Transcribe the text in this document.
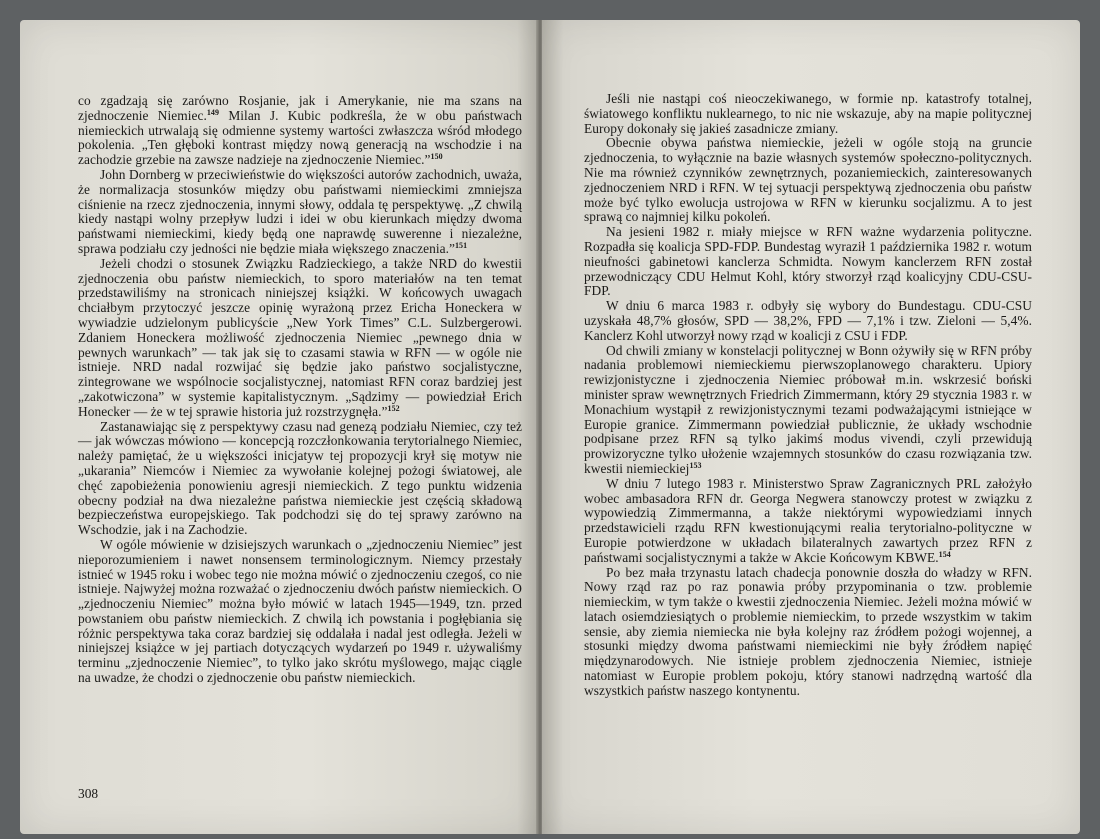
co zgadzają się zarówno Rosjanie, jak i Amerykanie, nie ma szans na zjednoczenie Niemiec.$^{149}$ Milan J. Kubic podkreśla, że w obu państwach niemieckich utrwalają się odmienne systemy wartości zwłaszcza wśród młodego pokolenia. „Ten głęboki kontrast między nową generacją na wschodzie i na zachodzie grzebie na zawsze nadzieje na zjednoczenie Niemiec.”$^{150}$

John Dornberg w przeciwieństwie do większości autorów zachodnich, uważa, że normalizacja stosunków między obu państwami niemieckimi zmniejsza ciśnienie na rzecz zjednoczenia, innymi słowy, oddala tę perspektywę. „Z chwilą kiedy nastąpi wolny przepływ ludzi i idei w obu kierunkach między dwoma państwami niemieckimi, kiedy będą one naprawdę suwerenne i niezależne, sprawa podziału czy jedności nie będzie miała większego znaczenia.”$^{151}$

Jeżeli chodzi o stosunek Związku Radzieckiego, a także NRD do kwestii zjednoczenia obu państw niemieckich, to sporo materiałów na ten temat przedstawiliśmy na stronicach niniejszej książki. W końcowych uwagach chciałbym przytoczyć jeszcze opinię wyrażoną przez Ericha Honeckera w wywiadzie udzielonym publicyście „New York Times” C.L. Sulzbergerowi. Zdaniem Honeckera możliwość zjednoczenia Niemiec „pewnego dnia w pewnych warunkach” — tak jak się to czasami stawia w RFN — w ogóle nie istnieje. NRD nadal rozwijać się będzie jako państwo socjalistyczne, zintegrowane we wspólnocie socjalistycznej, natomiast RFN coraz bardziej jest „zakotwiczona” w systemie kapitalistycznym. „Sądzimy — powiedział Erich Honecker — że w tej sprawie historia już rozstrzygnęła.”$^{152}$

Zastanawiając się z perspektywy czasu nad genezą podziału Niemiec, czy też — jak wówczas mówiono — koncepcją rozczłonkowania terytorialnego Niemiec, należy pamiętać, że u większości inicjatyw tej propozycji krył się motyw nie „ukarania” Niemców i Niemiec za wywołanie kolejnej pożogi światowej, ale chęć zapobieżenia ponowieniu agresji niemieckich. Z tego punktu widzenia obecny podział na dwa niezależne państwa niemieckie jest częścią składową bezpieczeństwa europejskiego. Tak podchodzi się do tej sprawy zarówno na Wschodzie, jak i na Zachodzie.

W ogóle mówienie w dzisiejszych warunkach o „zjednoczeniu Niemiec” jest nieporozumieniem i nawet nonsensem terminologicznym. Niemcy przestały istnieć w 1945 roku i wobec tego nie można mówić o zjednoczeniu czegoś, co nie istnieje. Najwyżej można rozważać o zjednoczeniu dwóch państw niemieckich. O „zjednoczeniu Niemiec” można było mówić w latach 1945—1949, tzn. przed powstaniem obu państw niemieckich. Z chwilą ich powstania i pogłębiania się różnic perspektywa taka coraz bardziej się oddalała i nadal jest odległa. Jeżeli w niniejszej książce w jej partiach dotyczących wydarzeń po 1949 r. używaliśmy terminu „zjednoczenie Niemiec”, to tylko jako skrótu myślowego, mając ciągle na uwadze, że chodzi o zjednoczenie obu państw niemieckich.

308

Jeśli nie nastąpi coś nieoczekiwanego, w formie np. katastrofy totalnej, światowego konfliktu nuklearnego, to nic nie wskazuje, aby na mapie politycznej Europy dokonały się jakieś zasadnicze zmiany.

Obecnie obywa państwa niemieckie, jeżeli w ogóle stoją na gruncie zjednoczenia, to wyłącznie na bazie własnych systemów społeczno-politycznych. Nie ma również czynników zewnętrznych, pozaniemieckich, zainteresowanych zjednoczeniem NRD i RFN. W tej sytuacji perspektywą zjednoczenia obu państw może być tylko ewolucja ustrojowa w RFN w kierunku socjalizmu. A to jest sprawą co najmniej kilku pokoleń.

Na jesieni 1982 r. miały miejsce w RFN ważne wydarzenia polityczne. Rozpadła się koalicja SPD-FDP. Bundestag wyraził 1 października 1982 r. wotum nieufności gabinetowi kanclerza Schmidta. Nowym kanclerzem RFN został przewodniczący CDU Helmut Kohl, który stworzył rząd koalicyjny CDU-CSU-FDP.

W dniu 6 marca 1983 r. odbyły się wybory do Bundestagu. CDU-CSU uzyskała 48,7% głosów, SPD — 38,2%, FPD — 7,1% i tzw. Zieloni — 5,4%. Kanclerz Kohl utworzył nowy rząd w koalicji z CSU i FDP.

Od chwili zmiany w konstelacji politycznej w Bonn ożywiły się w RFN próby nadania problemowi niemieckiemu pierwszoplanowego charakteru. Upiory rewizjonistyczne i zjednoczenia Niemiec próbował m.in. wskrzesić boński minister spraw wewnętrznych Friedrich Zimmermann, który 29 stycznia 1983 r. w Monachium wystąpił z rewizjonistycznymi tezami podważającymi istniejące w Europie granice. Zimmermann powiedział publicznie, że układy wschodnie podpisane przez RFN są tylko jakimś modus vivendi, czyli przewidują prowizoryczne tylko ułożenie wzajemnych stosunków do czasu rozwiązania tzw. kwestii niemieckiej$^{153}$

W dniu 7 lutego 1983 r. Ministerstwo Spraw Zagranicznych PRL założyło wobec ambasadora RFN dr. Georga Negwera stanowczy protest w związku z wypowiedzią Zimmermanna, a także niektórymi wypowiedziami innych przedstawicieli rządu RFN kwestionującymi realia terytorialno-polityczne w Europie potwierdzone w układach bilateralnych zawartych przez RFN z państwami socjalistycznymi a także w Akcie Końcowym KBWE.$^{154}$

Po bez mała trzynastu latach chadecja ponownie doszła do władzy w RFN. Nowy rząd raz po raz ponawia próby przypominania o tzw. problemie niemieckim, w tym także o kwestii zjednoczenia Niemiec. Jeżeli można mówić w latach osiemdziesiątych o problemie niemieckim, to przede wszystkim w takim sensie, aby ziemia niemiecka nie była kolejny raz źródłem pożogi wojennej, a stosunki między dwoma państwami niemieckimi nie były źródłem napięć międzynarodowych. Nie istnieje problem zjednoczenia Niemiec, istnieje natomiast w Europie problem pokoju, który stanowi nadrzędną wartość dla wszystkich państw naszego kontynentu.
